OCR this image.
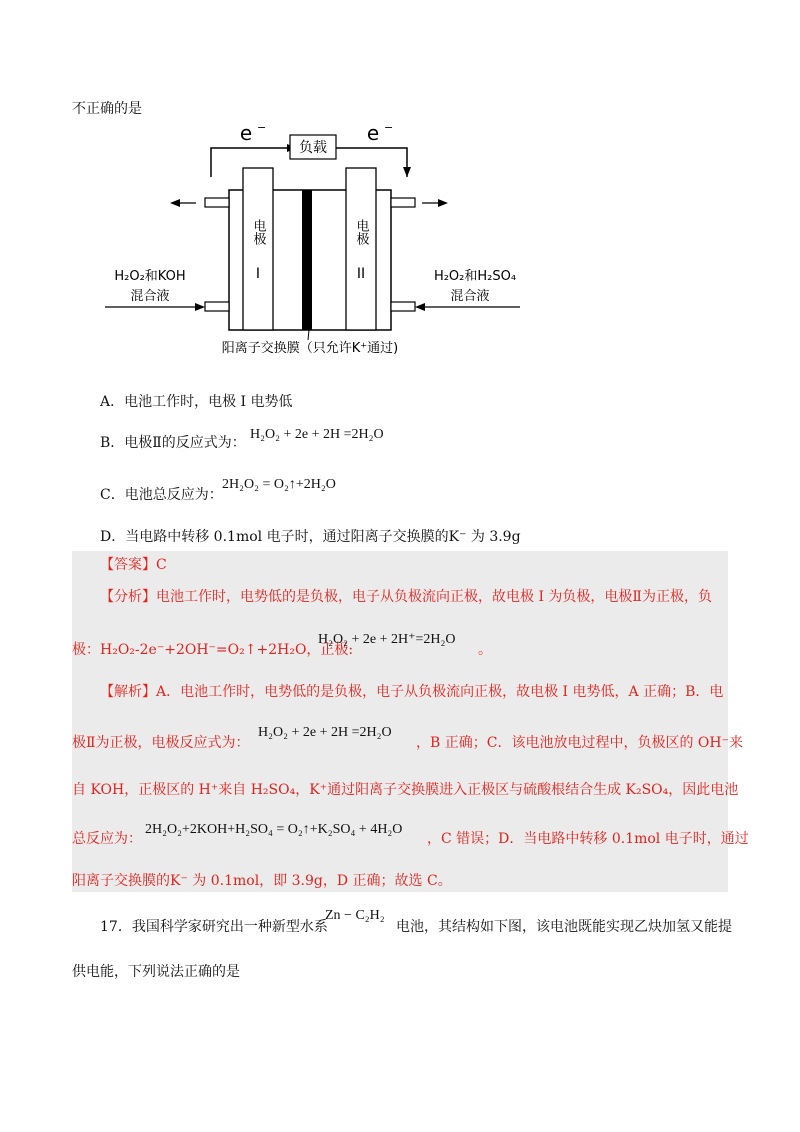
不正确的是
负载
e −	e −
电极
I
电极
II
H₂O₂和KOH
混合液
H₂O₂和H₂SO₄
混合液
阳离子交换膜（只允许K⁺通过)
A．电池工作时，电极 I 电势低
B．电极Ⅱ的反应式为：
H₂O₂ + 2e + 2H =2H₂O
C．电池总反应为：
2H₂O₂ = O₂↑+2H₂O
D．当电路中转移 0.1mol 电子时，通过阳离子交换膜的K⁻ 为 3.9g
【答案】C
【分析】电池工作时，电势低的是负极，电子从负极流向正极，故电极 I 为负极，电极Ⅱ为正极，负
极：H₂O₂-2e⁻+2OH⁻=O₂↑+2H₂O，正极:
H₂O₂ + 2e + 2H⁺=2H₂O
。
【解析】A．电池工作时，电势低的是负极，电子从负极流向正极，故电极 I 电势低，A 正确；B．电
极Ⅱ为正极，电极反应式为：
H₂O₂ + 2e + 2H =2H₂O
，B 正确；C．该电池放电过程中，负极区的 OH⁻来
自 KOH，正极区的 H⁺来自 H₂SO₄，K⁺通过阳离子交换膜进入正极区与硫酸根结合生成 K₂SO₄，因此电池
总反应为：
2H₂O₂+2KOH+H₂SO₄ = O₂↑+K₂SO₄ + 4H₂O
，C 错误；D．当电路中转移 0.1mol 电子时，通过
阳离子交换膜的K⁻ 为 0.1mol，即 3.9g，D 正确；故选 C。
17．我国科学家研究出一种新型水系
Zn − C₂H₂
电池，其结构如下图，该电池既能实现乙炔加氢又能提
供电能，下列说法正确的是
